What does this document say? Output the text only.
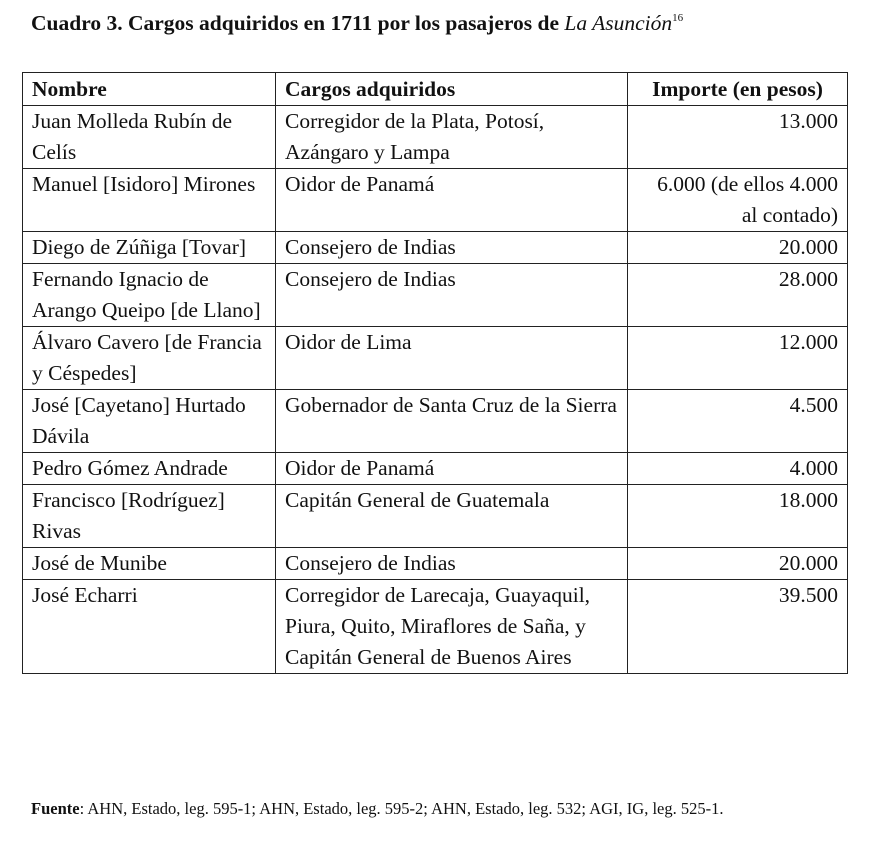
Cuadro 3. Cargos adquiridos en 1711 por los pasajeros de La Asunción$^{16}$
Nombre	Cargos adquiridos	Importe (en pesos)
Juan Molleda Rubín de Celís	Corregidor de la Plata, Potosí, Azángaro y Lampa	13.000
Manuel [Isidoro] Mirones	Oidor de Panamá	6.000 (de ellos 4.000 al contado)
Diego de Zúñiga [Tovar]	Consejero de Indias	20.000
Fernando Ignacio de Arango Queipo [de Llano]	Consejero de Indias	28.000
Álvaro Cavero [de Francia y Céspedes]	Oidor de Lima	12.000
José [Cayetano] Hurtado Dávila	Gobernador de Santa Cruz de la Sierra	4.500
Pedro Gómez Andrade	Oidor de Panamá	4.000
Francisco [Rodríguez] Rivas	Capitán General de Guatemala	18.000
José de Munibe	Consejero de Indias	20.000
José Echarri	Corregidor de Larecaja, Guayaquil, Piura, Quito, Miraflores de Saña, y Capitán General de Buenos Aires	39.500
Fuente: AHN, Estado, leg. 595-1; AHN, Estado, leg. 595-2; AHN, Estado, leg. 532; AGI, IG, leg. 525-1.
